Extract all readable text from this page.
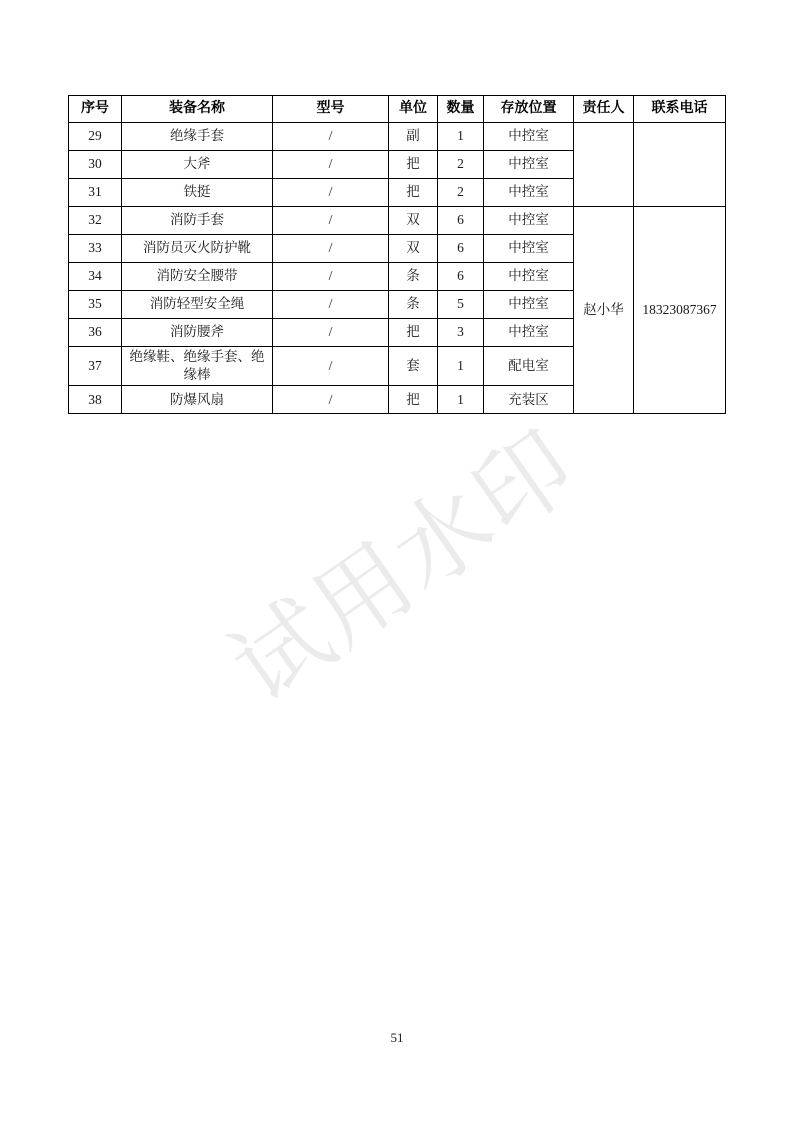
试用水印
序号	装备名称	型号	单位	数量	存放位置	责任人	联系电话
29	绝缘手套	/	副	1	中控室		
30	大斧	/	把	2	中控室		
31	铁挺	/	把	2	中控室		
32	消防手套	/	双	6	中控室	赵小华	18323087367
33	消防员灭火防护靴	/	双	6	中控室		
34	消防安全腰带	/	条	6	中控室		
35	消防轻型安全绳	/	条	5	中控室		
36	消防腰斧	/	把	3	中控室		
37	绝缘鞋、绝缘手套、绝缘棒	/	套	1	配电室		
38	防爆风扇	/	把	1	充装区		
51
